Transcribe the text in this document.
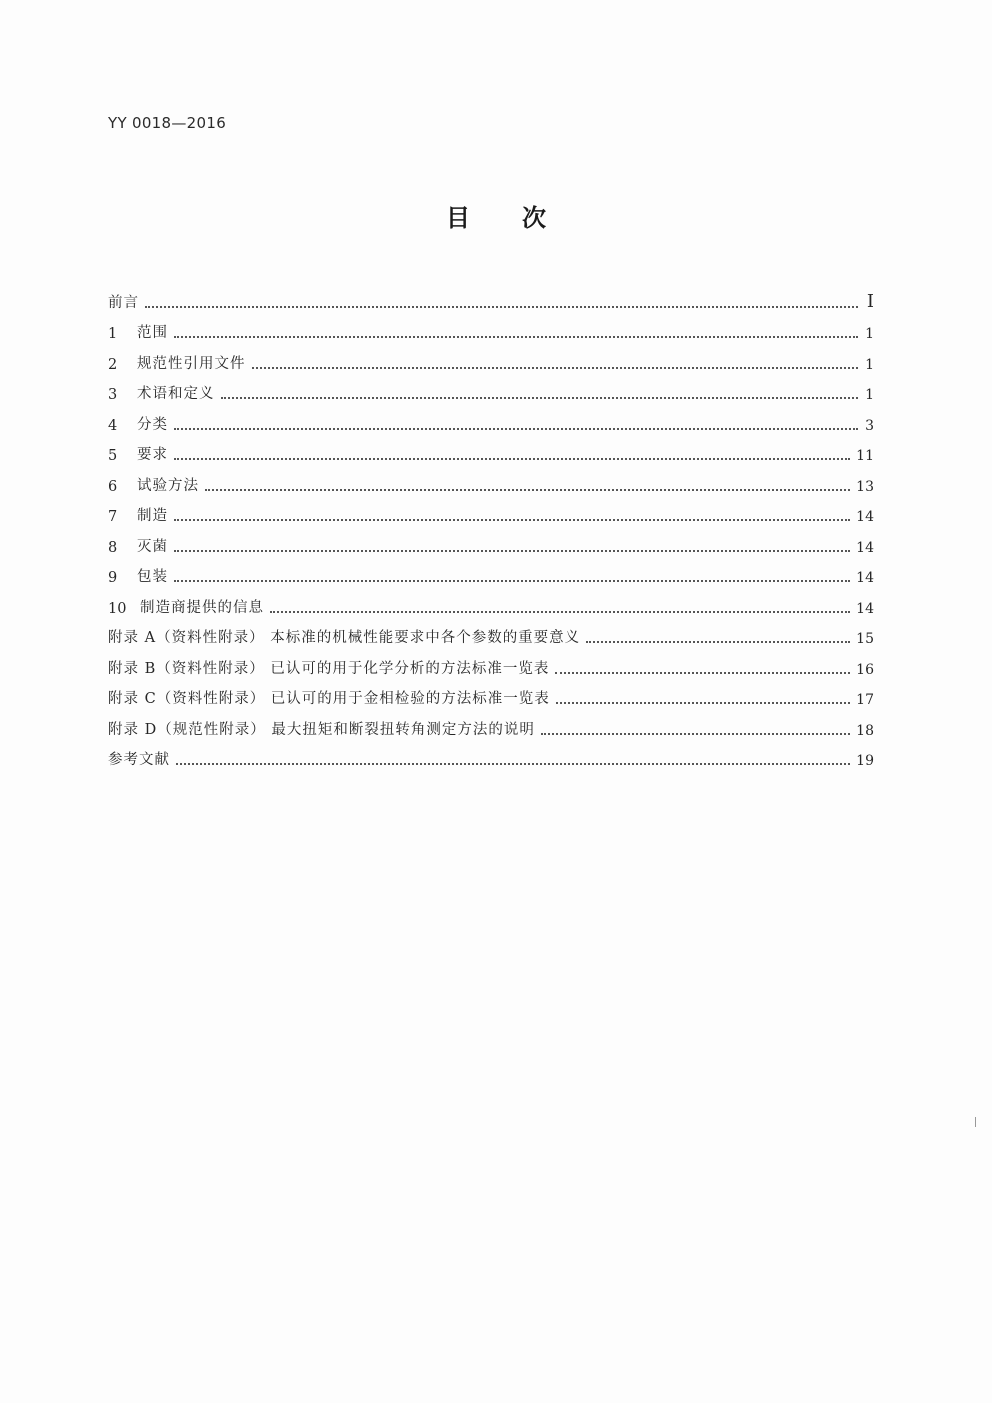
YY 0018—2016
目 次
前言	I
1	范围	1
2	规范性引用文件	1
3	术语和定义	1
4	分类	3
5	要求	11
6	试验方法	13
7	制造	14
8	灭菌	14
9	包装	14
10 制造商提供的信息	14
附录 A（资料性附录） 本标准的机械性能要求中各个参数的重要意义	15
附录 B（资料性附录） 已认可的用于化学分析的方法标准一览表	16
附录 C（资料性附录） 已认可的用于金相检验的方法标准一览表	17
附录 D（规范性附录） 最大扭矩和断裂扭转角测定方法的说明	18
参考文献	19
